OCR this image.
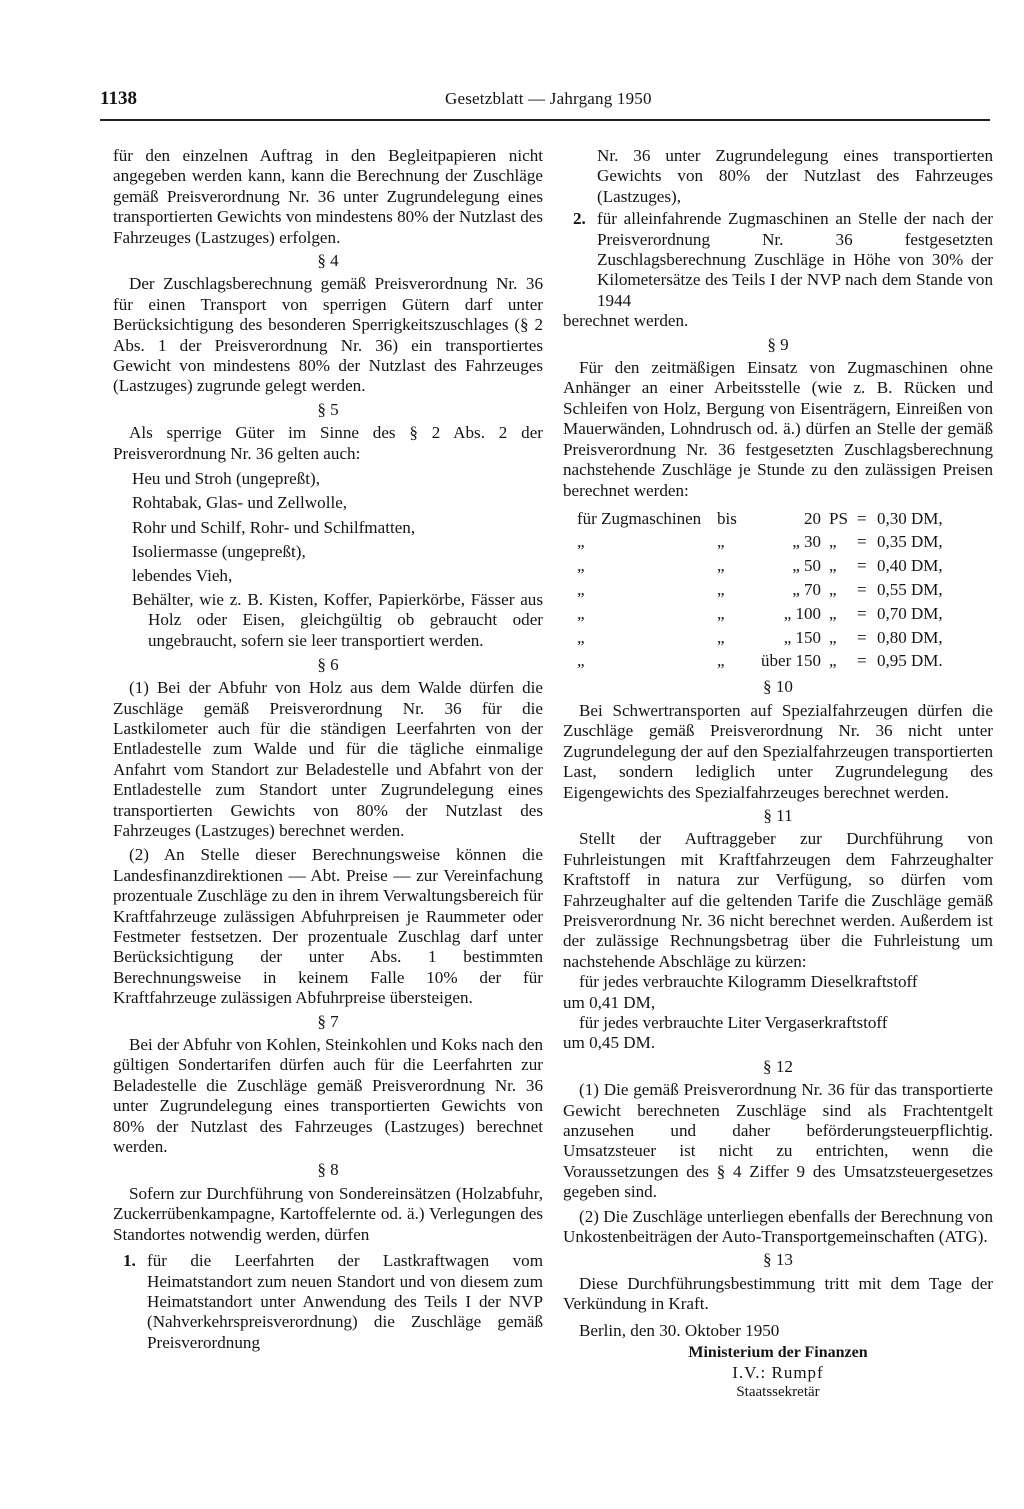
1138	Gesetzblatt — Jahrgang 1950

für den einzelnen Auftrag in den Begleitpapieren nicht angegeben werden kann, kann die Berechnung der Zuschläge gemäß Preisverordnung Nr. 36 unter Zugrundelegung eines transportierten Gewichts von mindestens 80% der Nutzlast des Fahrzeuges (Lastzuges) erfolgen.

§ 4

Der Zuschlagsberechnung gemäß Preisverordnung Nr. 36 für einen Transport von sperrigen Gütern darf unter Berücksichtigung des besonderen Sperrigkeitszuschlages (§ 2 Abs. 1 der Preisverordnung Nr. 36) ein transportiertes Gewicht von mindestens 80% der Nutzlast des Fahrzeuges (Lastzuges) zugrunde gelegt werden.

§ 5

Als sperrige Güter im Sinne des § 2 Abs. 2 der Preisverordnung Nr. 36 gelten auch:

Heu und Stroh (ungepreßt),
Rohtabak, Glas- und Zellwolle,
Rohr und Schilf, Rohr- und Schilfmatten,
Isoliermasse (ungepreßt),
lebendes Vieh,
Behälter, wie z. B. Kisten, Koffer, Papierkörbe, Fässer aus Holz oder Eisen, gleichgültig ob gebraucht oder ungebraucht, sofern sie leer transportiert werden.

§ 6

(1) Bei der Abfuhr von Holz aus dem Walde dürfen die Zuschläge gemäß Preisverordnung Nr. 36 für die Lastkilometer auch für die ständigen Leerfahrten von der Entladestelle zum Walde und für die tägliche einmalige Anfahrt vom Standort zur Beladestelle und Abfahrt von der Entladestelle zum Standort unter Zugrundelegung eines transportierten Gewichts von 80% der Nutzlast des Fahrzeuges (Lastzuges) berechnet werden.

(2) An Stelle dieser Berechnungsweise können die Landesfinanzdirektionen — Abt. Preise — zur Vereinfachung prozentuale Zuschläge zu den in ihrem Verwaltungsbereich für Kraftfahrzeuge zulässigen Abfuhrpreisen je Raummeter oder Festmeter festsetzen. Der prozentuale Zuschlag darf unter Berücksichtigung der unter Abs. 1 bestimmten Berechnungsweise in keinem Falle 10% der für Kraftfahrzeuge zulässigen Abfuhrpreise übersteigen.

§ 7

Bei der Abfuhr von Kohlen, Steinkohlen und Koks nach den gültigen Sondertarifen dürfen auch für die Leerfahrten zur Beladestelle die Zuschläge gemäß Preisverordnung Nr. 36 unter Zugrundelegung eines transportierten Gewichts von 80% der Nutzlast des Fahrzeuges (Lastzuges) berechnet werden.

§ 8

Sofern zur Durchführung von Sondereinsätzen (Holzabfuhr, Zuckerrübenkampagne, Kartoffelernte od. ä.) Verlegungen des Standortes notwendig werden, dürfen

1. für die Leerfahrten der Lastkraftwagen vom Heimatstandort zum neuen Standort und von diesem zum Heimatstandort unter Anwendung des Teils I der NVP (Nahverkehrspreisverordnung) die Zuschläge gemäß Preisverordnung

Nr. 36 unter Zugrundelegung eines transportierten Gewichts von 80% der Nutzlast des Fahrzeuges (Lastzuges),

2. für alleinfahrende Zugmaschinen an Stelle der nach der Preisverordnung Nr. 36 festgesetzten Zuschlagsberechnung Zuschläge in Höhe von 30% der Kilometersätze des Teils I der NVP nach dem Stande von 1944

berechnet werden.

§ 9

Für den zeitmäßigen Einsatz von Zugmaschinen ohne Anhänger an einer Arbeitsstelle (wie z. B. Rücken und Schleifen von Holz, Bergung von Eisenträgern, Einreißen von Mauerwänden, Lohndrusch od. ä.) dürfen an Stelle der gemäß Preisverordnung Nr. 36 festgesetzten Zuschlagsberechnung nachstehende Zuschläge je Stunde zu den zulässigen Preisen berechnet werden:

für Zugmaschinen	bis	20	PS	=	0,30 DM,
„	„	„ 30	„	=	0,35 DM,
„	„	„ 50	„	=	0,40 DM,
„	„	„ 70	„	=	0,55 DM,
„	„	„ 100	„	=	0,70 DM,
„	„	„ 150	„	=	0,80 DM,
„	„	über 150	„	=	0,95 DM.

§ 10

Bei Schwertransporten auf Spezialfahrzeugen dürfen die Zuschläge gemäß Preisverordnung Nr. 36 nicht unter Zugrundelegung der auf den Spezialfahrzeugen transportierten Last, sondern lediglich unter Zugrundelegung des Eigengewichts des Spezialfahrzeuges berechnet werden.

§ 11

Stellt der Auftraggeber zur Durchführung von Fuhrleistungen mit Kraftfahrzeugen dem Fahrzeughalter Kraftstoff in natura zur Verfügung, so dürfen vom Fahrzeughalter auf die geltenden Tarife die Zuschläge gemäß Preisverordnung Nr. 36 nicht berechnet werden. Außerdem ist der zulässige Rechnungsbetrag über die Fuhrleistung um nachstehende Abschläge zu kürzen:

für jedes verbrauchte Kilogramm Dieselkraftstoff

um 0,41 DM,

für jedes verbrauchte Liter Vergaserkraftstoff

um 0,45 DM.

§ 12

(1) Die gemäß Preisverordnung Nr. 36 für das transportierte Gewicht berechneten Zuschläge sind als Frachtentgelt anzusehen und daher beförderungsteuerpflichtig. Umsatzsteuer ist nicht zu entrichten, wenn die Voraussetzungen des § 4 Ziffer 9 des Umsatzsteuergesetzes gegeben sind.

(2) Die Zuschläge unterliegen ebenfalls der Berechnung von Unkostenbeiträgen der Auto-Transportgemeinschaften (ATG).

§ 13

Diese Durchführungsbestimmung tritt mit dem Tage der Verkündung in Kraft.

Berlin, den 30. Oktober 1950

Ministerium der Finanzen
I.V.: Rumpf
Staatssekretär
